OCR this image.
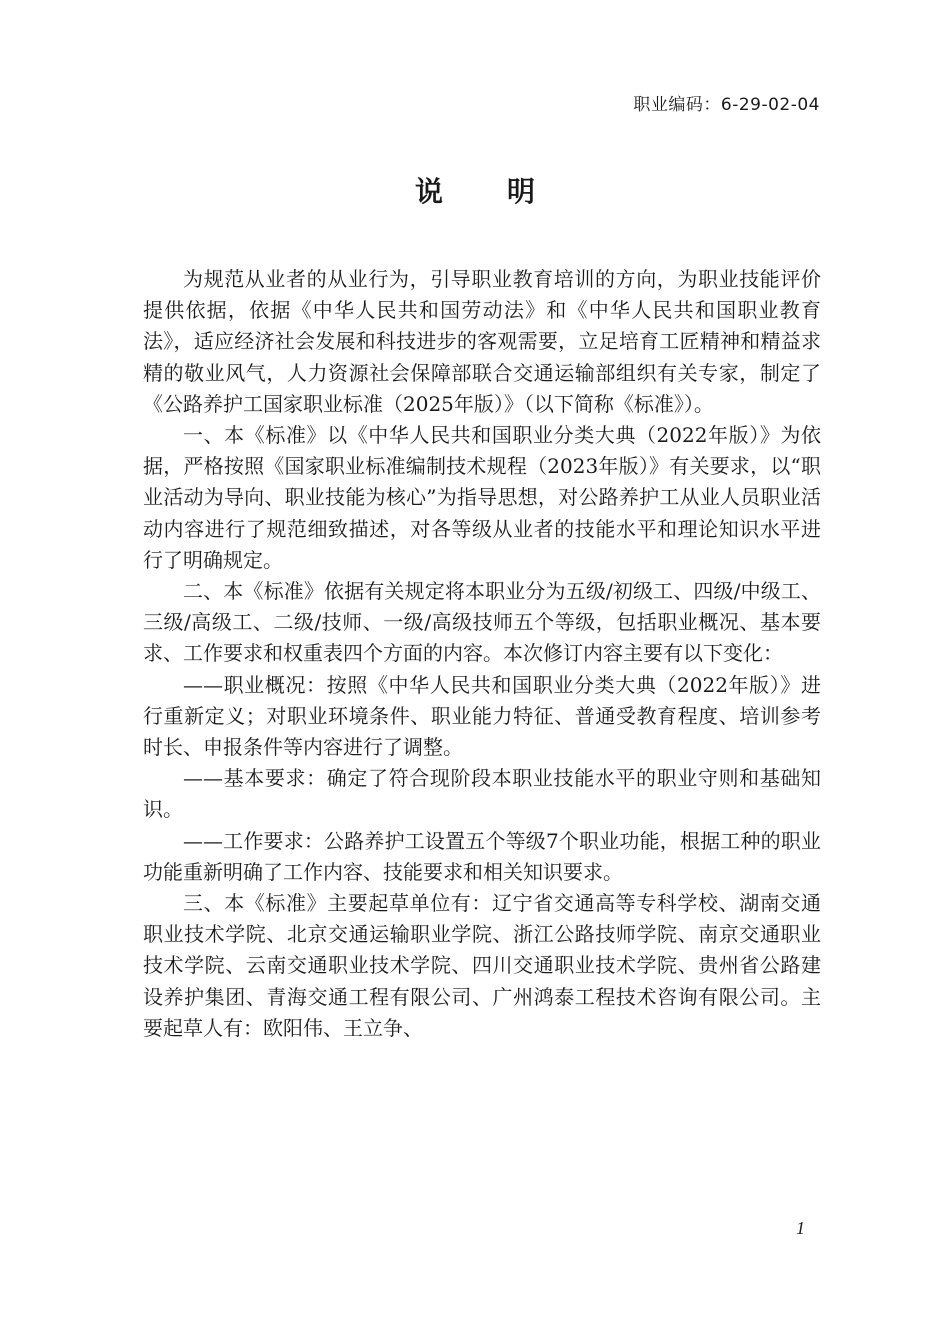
职业编码：6-29-02-04
说明

为规范从业者的从业行为，引导职业教育培训的方向，为职业技能评价提供依据，依据《中华人民共和国劳动法》和《中华人民共和国职业教育法》，适应经济社会发展和科技进步的客观需要，立足培育工匠精神和精益求精的敬业风气，人力资源社会保障部联合交通运输部组织有关专家，制定了《公路养护工国家职业标准（2025年版）》（以下简称《标准》）。

一、本《标准》以《中华人民共和国职业分类大典（2022年版）》为依据，严格按照《国家职业标准编制技术规程（2023年版）》有关要求，以“职业活动为导向、职业技能为核心”为指导思想，对公路养护工从业人员职业活动内容进行了规范细致描述，对各等级从业者的技能水平和理论知识水平进行了明确规定。

二、本《标准》依据有关规定将本职业分为五级/初级工、四级/中级工、三级/高级工、二级/技师、一级/高级技师五个等级，包括职业概况、基本要求、工作要求和权重表四个方面的内容。本次修订内容主要有以下变化：

——职业概况：按照《中华人民共和国职业分类大典（2022年版）》进行重新定义；对职业环境条件、职业能力特征、普通受教育程度、培训参考时长、申报条件等内容进行了调整。

——基本要求：确定了符合现阶段本职业技能水平的职业守则和基础知识。

——工作要求：公路养护工设置五个等级7个职业功能，根据工种的职业功能重新明确了工作内容、技能要求和相关知识要求。

三、本《标准》主要起草单位有：辽宁省交通高等专科学校、湖南交通职业技术学院、北京交通运输职业学院、浙江公路技师学院、南京交通职业技术学院、云南交通职业技术学院、四川交通职业技术学院、贵州省公路建设养护集团、青海交通工程有限公司、广州鸿泰工程技术咨询有限公司。主要起草人有：欧阳伟、王立争、

1
